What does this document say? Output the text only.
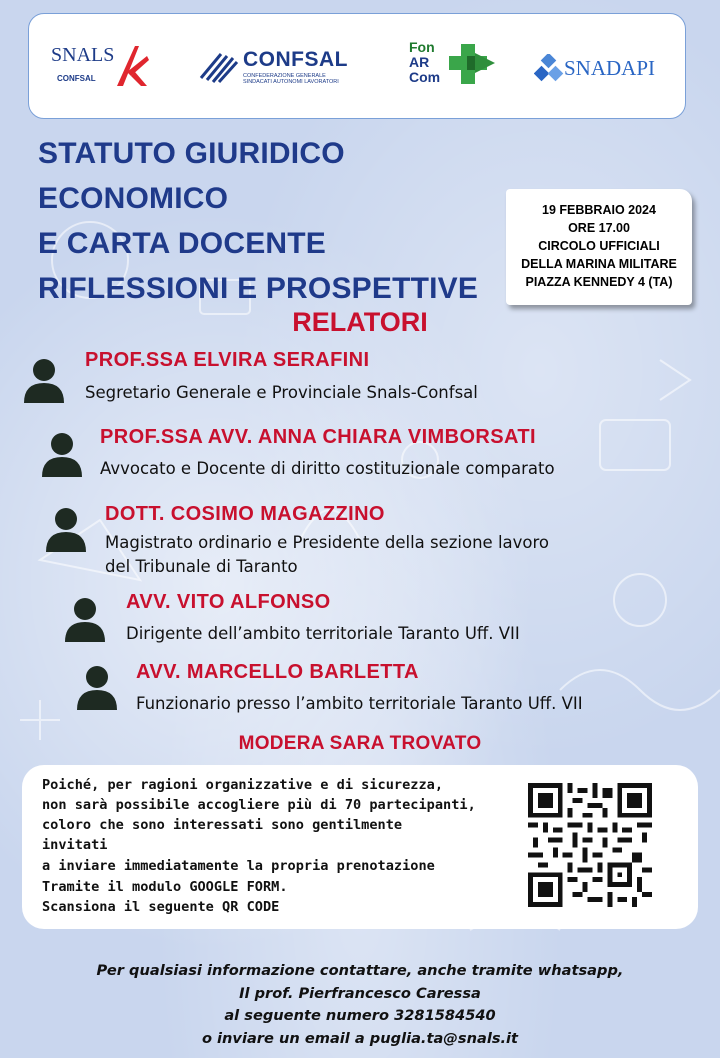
SNALS
CONFSAL
CONFSAL
CONFEDERAZIONE GENERALE SINDACATI AUTONOMI LAVORATORI
Fon
AR
Com	SNADAPI
STATUTO GIURIDICO ECONOMICO
E CARTA DOCENTE
RIFLESSIONI E PROSPETTIVE
19 FEBBRAIO 2024
ORE 17.00
CIRCOLO UFFICIALI
DELLA MARINA MILITARE
PIAZZA KENNEDY 4 (TA)
RELATORI
PROF.SSA ELVIRA SERAFINI
Segretario Generale e Provinciale Snals-Confsal
PROF.SSA AVV. ANNA CHIARA VIMBORSATI
Avvocato e Docente di diritto costituzionale comparato
DOTT. COSIMO MAGAZZINO
Magistrato ordinario e Presidente della sezione lavoro
del Tribunale di Taranto
AVV. VITO ALFONSO
Dirigente dell’ambito territoriale Taranto Uff. VII
AVV. MARCELLO BARLETTA
Funzionario presso l’ambito territoriale Taranto Uff. VII
MODERA SARA TROVATO
Poiché, per ragioni organizzative e di sicurezza,
non sarà possibile accogliere più di 70 partecipanti,
coloro che sono interessati sono gentilmente
invitati
a inviare immediatamente la propria prenotazione
Tramite il modulo GOOGLE FORM.
Scansiona il seguente QR CODE
Per qualsiasi informazione contattare, anche tramite whatsapp,
Il prof. Pierfrancesco Caressa
al seguente numero 3281584540
o inviare un email a puglia.ta@snals.it
